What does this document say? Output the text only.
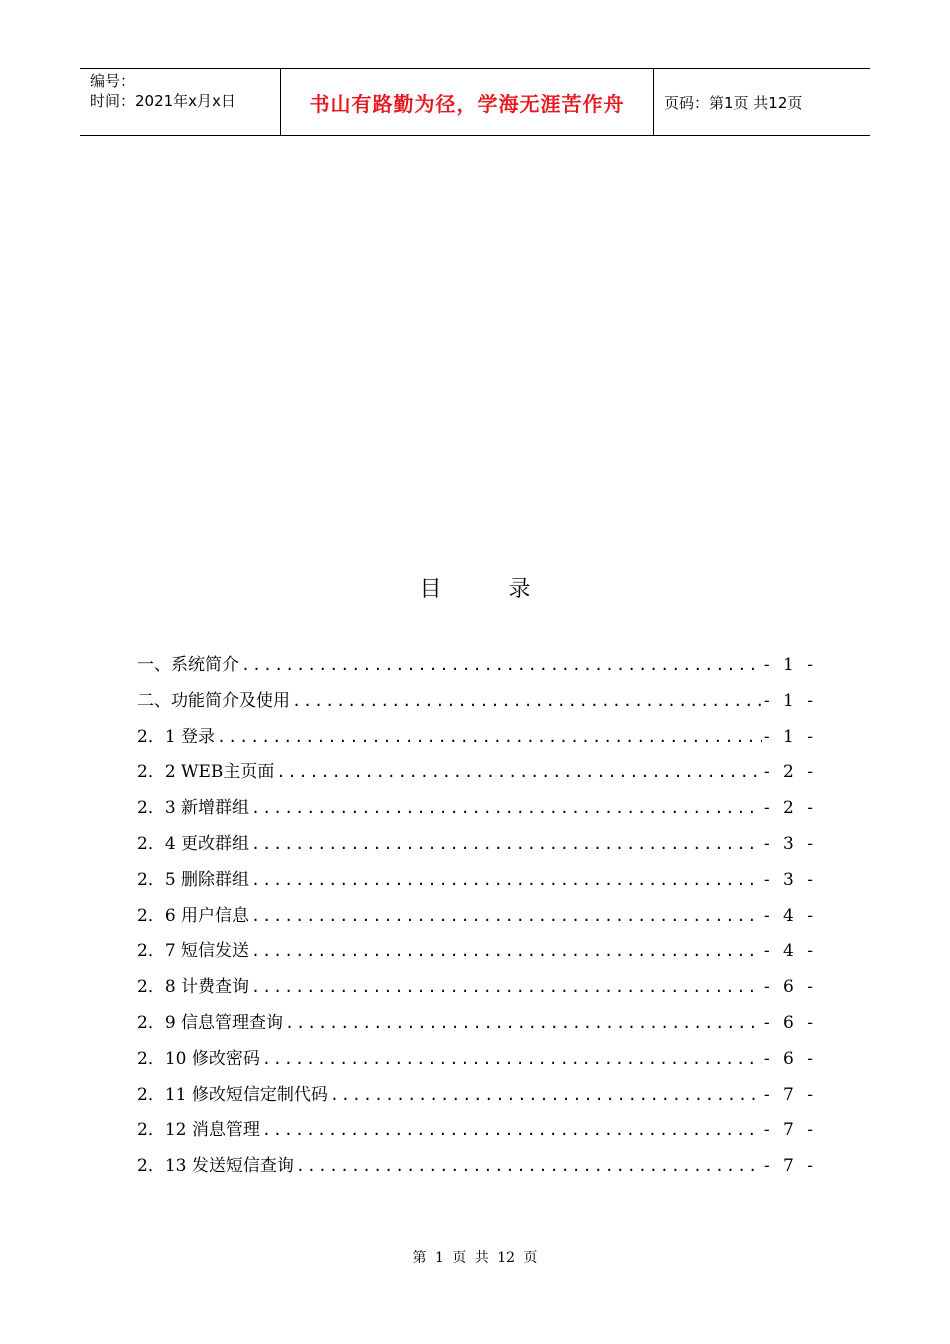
编号：
时间：2021年x月x日	书山有路勤为径，学海无涯苦作舟	页码：第1页 共12页
目 录
一、系统简介 .....	- 1 -
二、功能简介及使用 .....	- 1 -
2．1 登录 .....	- 1 -
2．2 WEB主页面 .....	- 2 -
2．3 新增群组 .....	- 2 -
2．4 更改群组 .....	- 3 -
2．5 删除群组 .....	- 3 -
2．6 用户信息 .....	- 4 -
2．7 短信发送 .....	- 4 -
2．8 计费查询 .....	- 6 -
2．9 信息管理查询 .....	- 6 -
2．10 修改密码 .....	- 6 -
2．11 修改短信定制代码 .....	- 7 -
2．12 消息管理 .....	- 7 -
2．13 发送短信查询 .....	- 7 -
第 1 页 共 12 页
